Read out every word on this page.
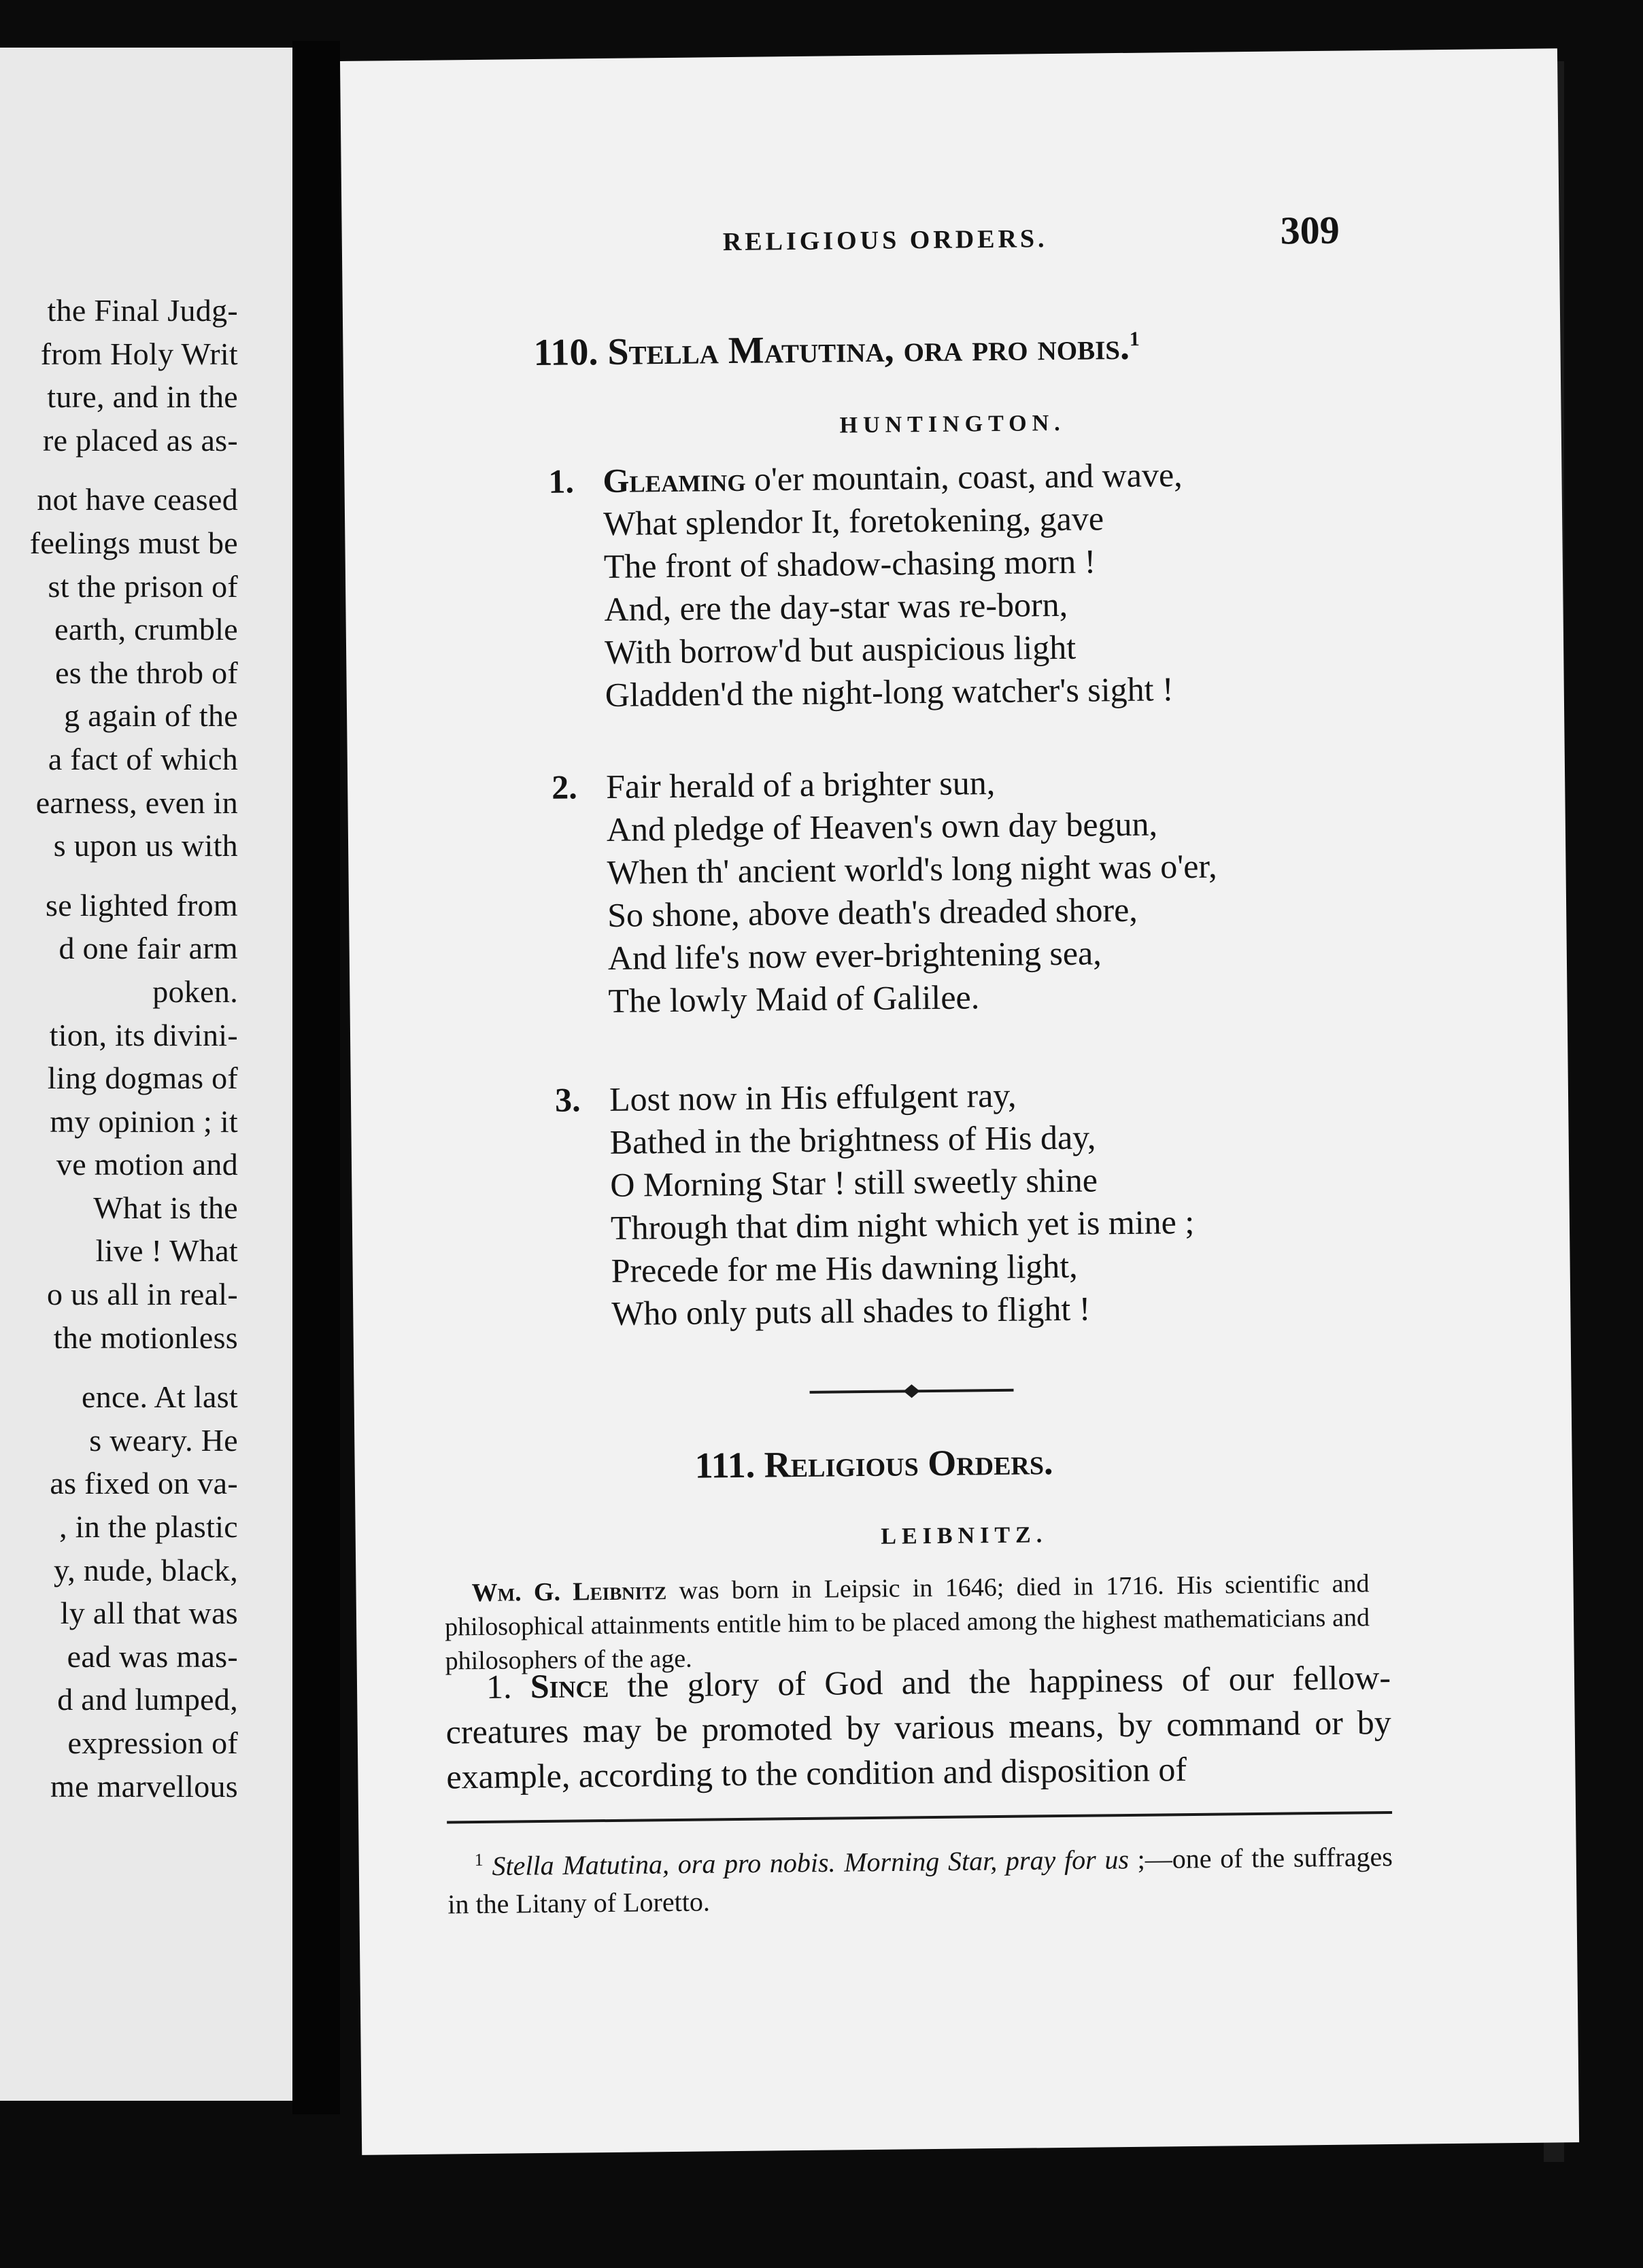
the Final Judg-
from Holy Writ
ture, and in the
re placed as as-

not have ceased
feelings must be
st the prison of
earth, crumble
es the throb of
g again of the
a fact of which
earness, even in
s upon us with

se lighted from
d one fair arm
poken.
tion, its divini-
ling dogmas of
my opinion ; it
ve motion and
What is the
live ! What
o us all in real-
the motionless

ence. At last
s weary. He
as fixed on va-
, in the plastic
y, nude, black,
ly all that was
ead was mas-
d and lumped,
expression of
me marvellous
RELIGIOUS ORDERS.	309
110. Stella Matutina, ora pro nobis.$^1$
HUNTINGTON.
1. Gleaming o'er mountain, coast, and wave,
What splendor It, foretokening, gave
The front of shadow-chasing morn !
And, ere the day-star was re-born,
With borrow'd but auspicious light
Gladden'd the night-long watcher's sight !
2. Fair herald of a brighter sun,
And pledge of Heaven's own day begun,
When th' ancient world's long night was o'er,
So shone, above death's dreaded shore,
And life's now ever-brightening sea,
The lowly Maid of Galilee.
3. Lost now in His effulgent ray,
Bathed in the brightness of His day,
O Morning Star ! still sweetly shine
Through that dim night which yet is mine ;
Precede for me His dawning light,
Who only puts all shades to flight !
111. Religious Orders.
LEIBNITZ.
Wm. G. Leibnitz was born in Leipsic in 1646; died in 1716. His scientific and philosophical attainments entitle him to be placed among the highest mathematicians and philosophers of the age.
1. Since the glory of God and the happiness of our fellow-creatures may be promoted by various means, by command or by example, according to the condition and disposition of
$^1$ Stella Matutina, ora pro nobis. Morning Star, pray for us ;—one of the suffrages in the Litany of Loretto.
